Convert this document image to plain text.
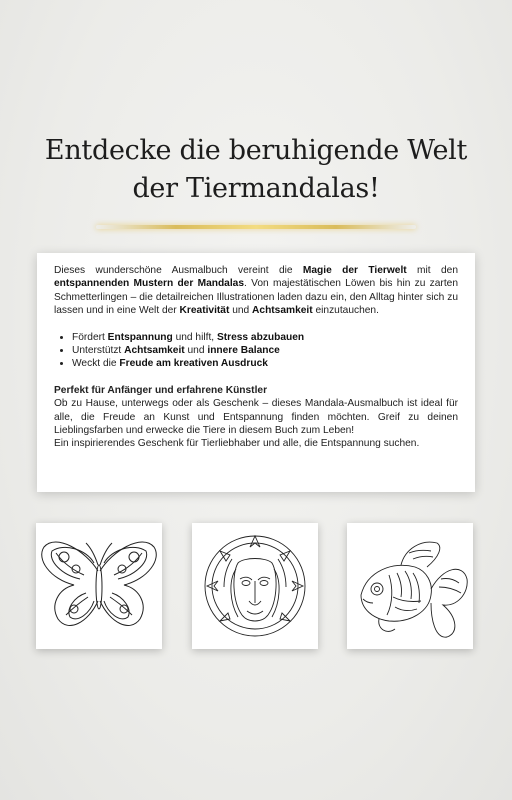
Entdecke die beruhigende Welt
der Tiermandalas!

Dieses wunderschöne Ausmalbuch vereint die Magie der Tierwelt mit den entspannenden Mustern der Mandalas. Von majestätischen Löwen bis hin zu zarten Schmetterlingen – die detailreichen Illustrationen laden dazu ein, den Alltag hinter sich zu lassen und in eine Welt der Kreativität und Achtsamkeit einzutauchen.

• Fördert Entspannung und hilft, Stress abzubauen
• Unterstützt Achtsamkeit und innere Balance
• Weckt die Freude am kreativen Ausdruck

Perfekt für Anfänger und erfahrene Künstler

Ob zu Hause, unterwegs oder als Geschenk – dieses Mandala-Ausmalbuch ist ideal für alle, die Freude an Kunst und Entspannung finden möchten. Greif zu deinen Lieblingsfarben und erwecke die Tiere in diesem Buch zum Leben!

Ein inspirierendes Geschenk für Tierliebhaber und alle, die Entspannung suchen.
